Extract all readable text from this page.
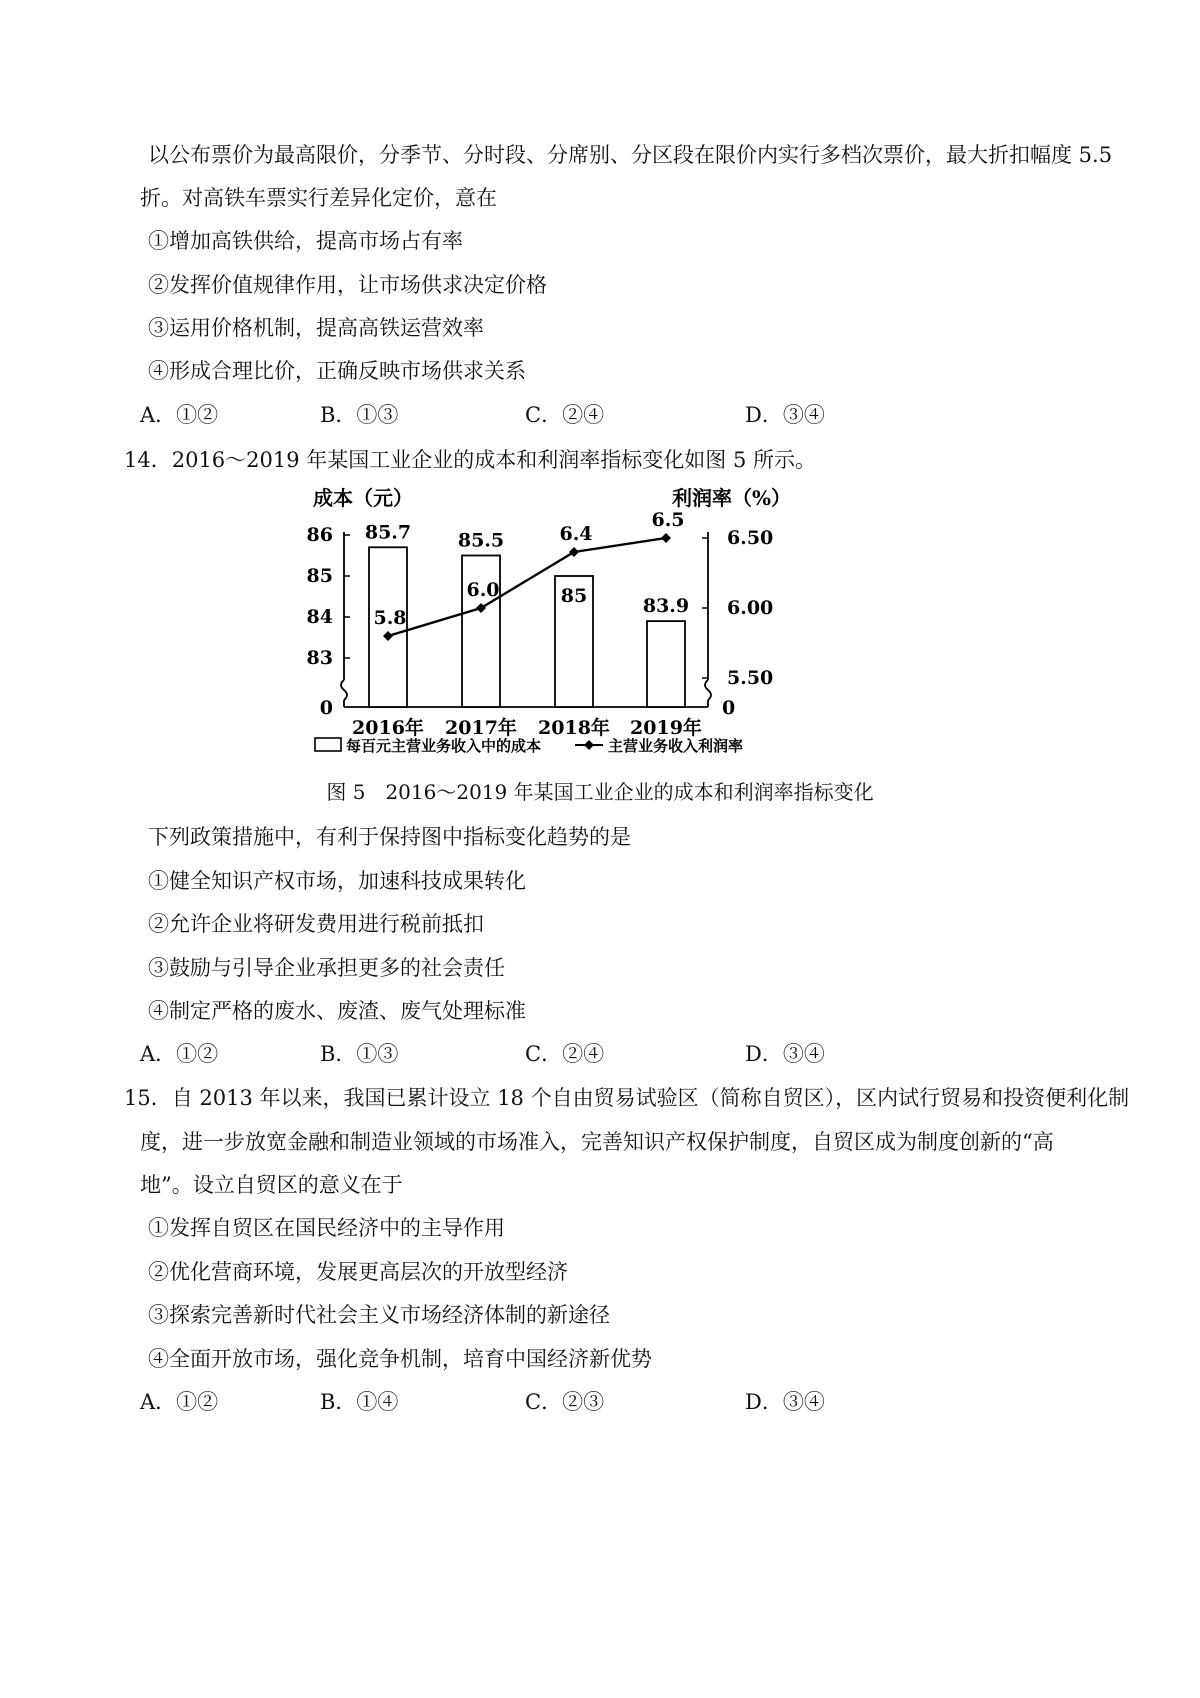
以公布票价为最高限价，分季节、分时段、分席别、分区段在限价内实行多档次票价，最大折扣幅度 5.5
折。对高铁车票实行差异化定价，意在
①增加高铁供给，提高市场占有率
②发挥价值规律作用，让市场供求决定价格
③运用价格机制，提高高铁运营效率
④形成合理比价，正确反映市场供求关系
A．①②	B．①③	C．②④	D．③④
14．2016～2019 年某国工业企业的成本和利润率指标变化如图 5 所示。
成本（元）	利润率（%）
86
85
84
83
0
6.50
6.00
5.50
0
85.7 85.5
85	83.9
5.8
6.0
6.4
6.5
2016年 2017年 2018年 2019年
每百元主营业务收入中的成本	主营业务收入利润率
图 5　2016～2019 年某国工业企业的成本和利润率指标变化
下列政策措施中，有利于保持图中指标变化趋势的是
①健全知识产权市场，加速科技成果转化
②允许企业将研发费用进行税前抵扣
③鼓励与引导企业承担更多的社会责任
④制定严格的废水、废渣、废气处理标准
A．①②	B．①③	C．②④	D．③④
15．自 2013 年以来，我国已累计设立 18 个自由贸易试验区（简称自贸区），区内试行贸易和投资便利化制
度，进一步放宽金融和制造业领域的市场准入，完善知识产权保护制度，自贸区成为制度创新的“高
地”。设立自贸区的意义在于
①发挥自贸区在国民经济中的主导作用
②优化营商环境，发展更高层次的开放型经济
③探索完善新时代社会主义市场经济体制的新途径
④全面开放市场，强化竞争机制，培育中国经济新优势
A．①②	B．①④	C．②③	D．③④
